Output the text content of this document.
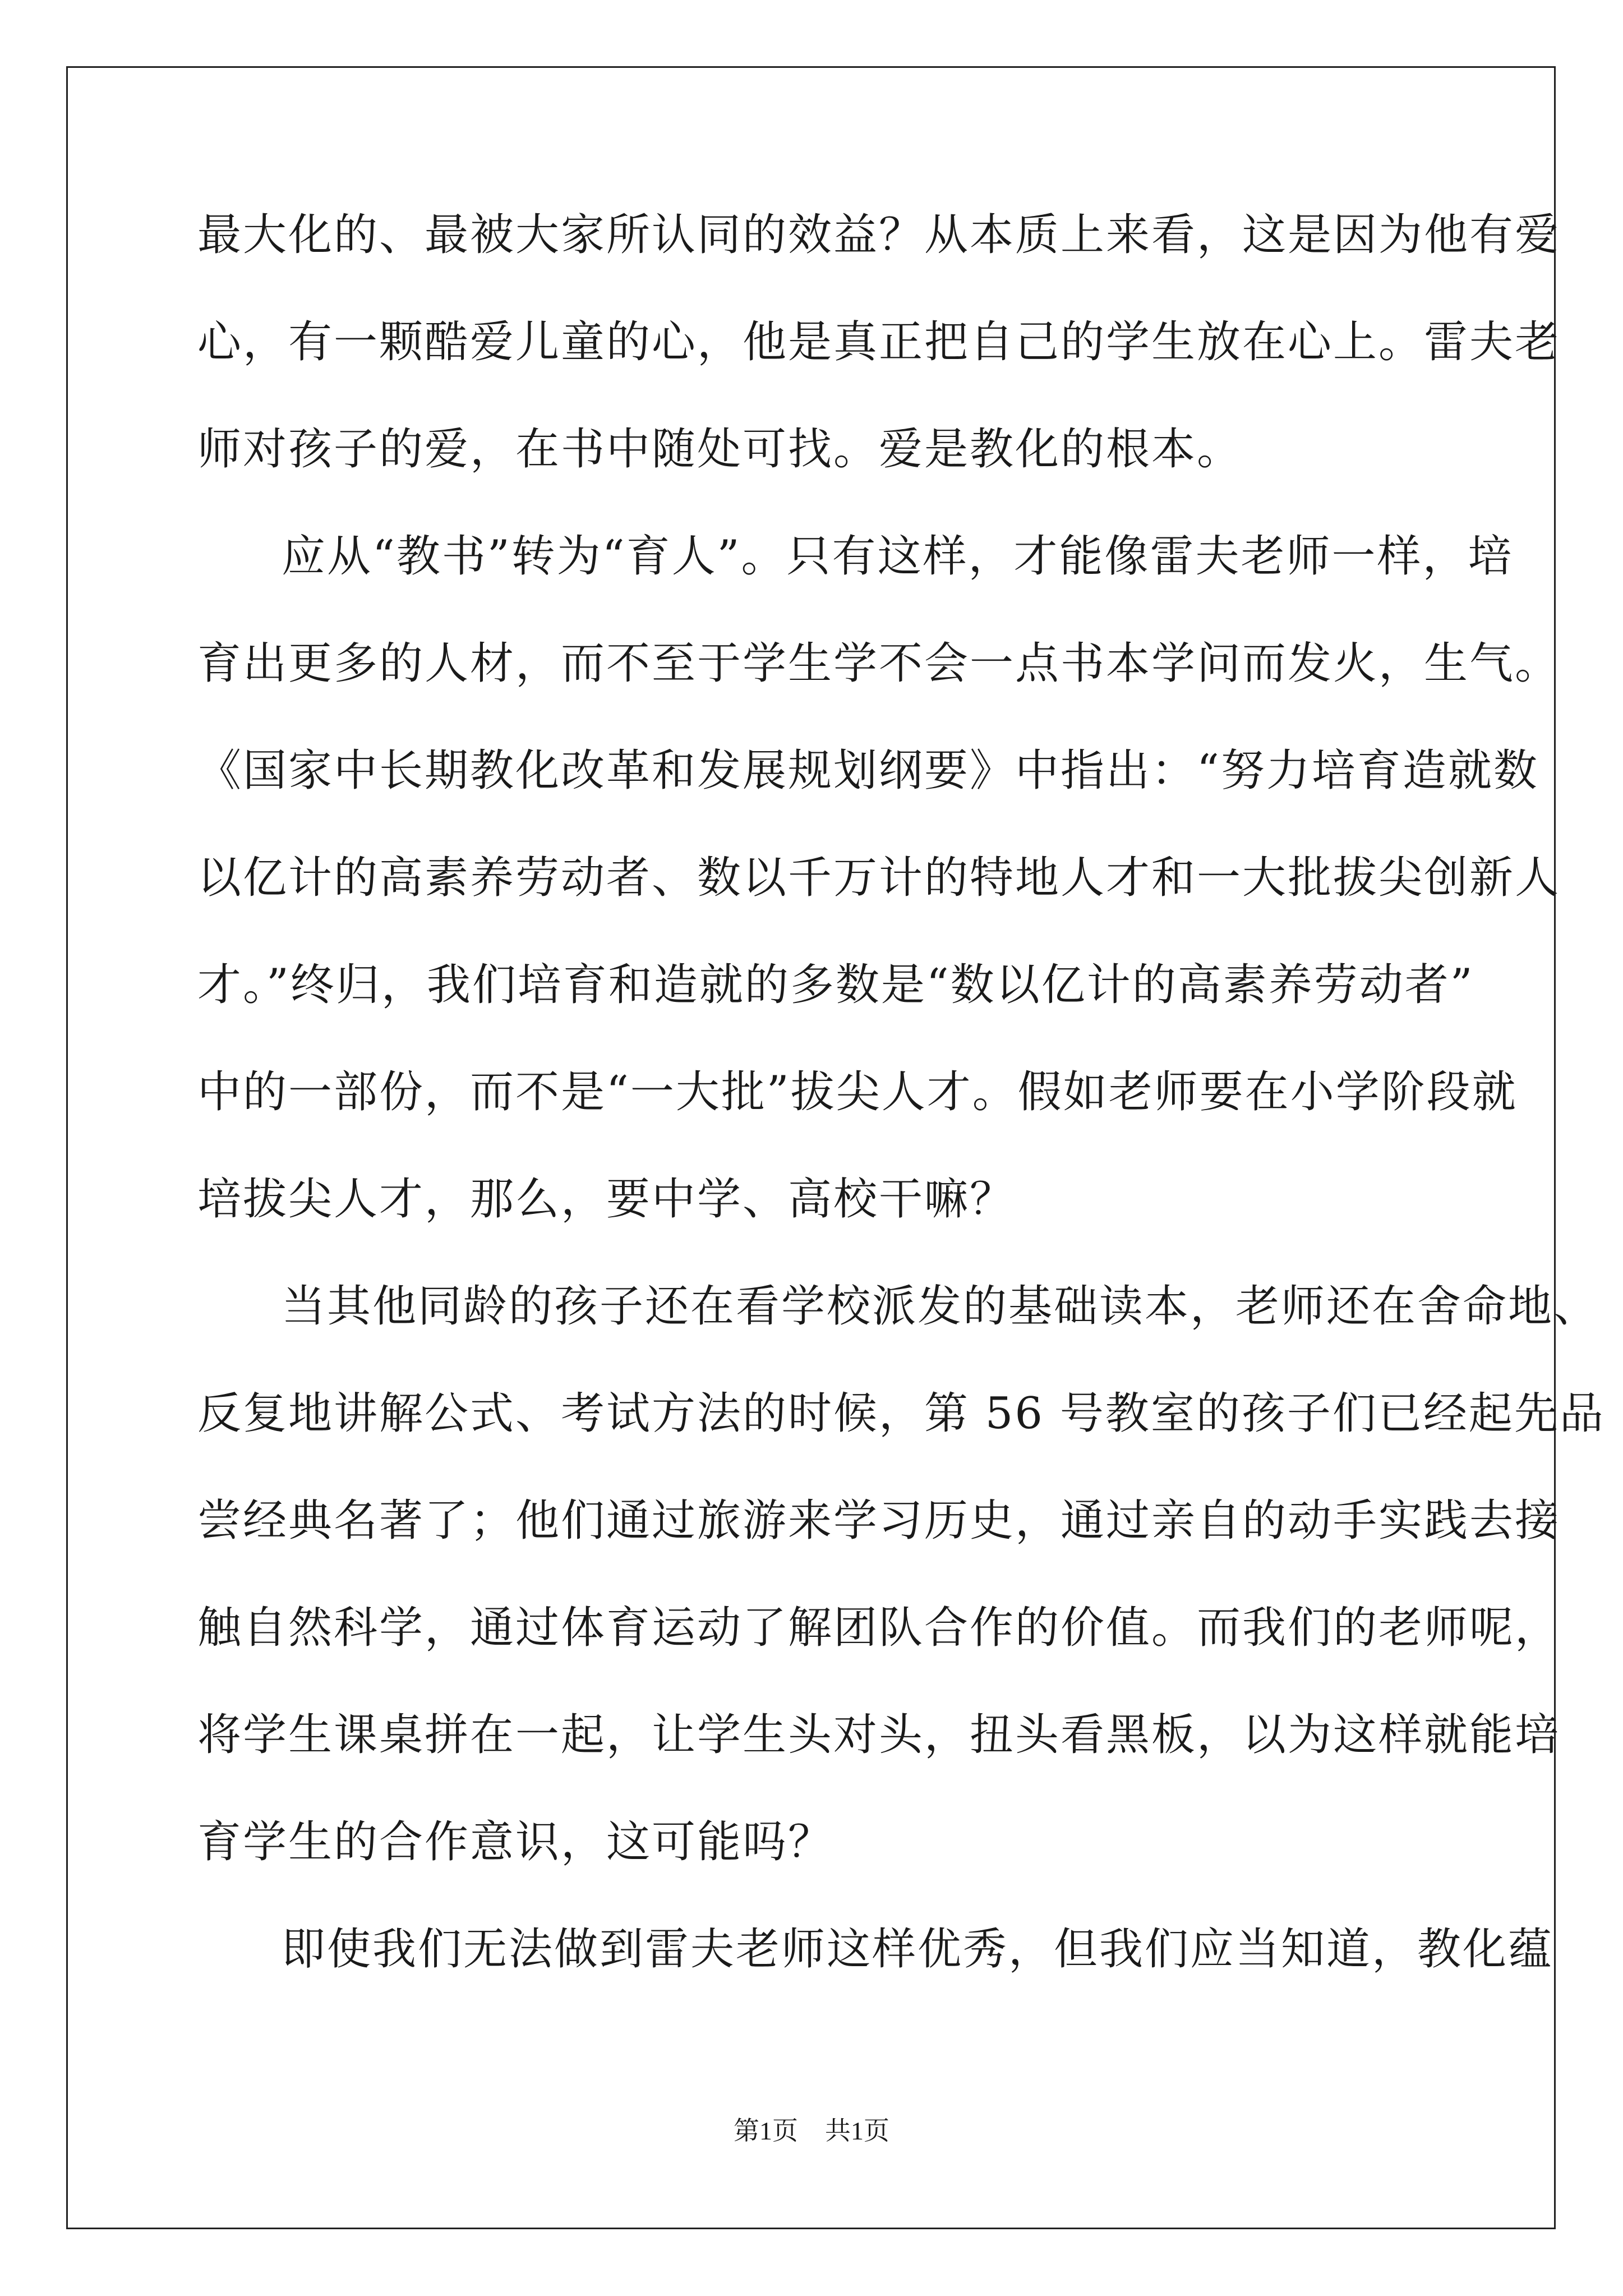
最大化的、最被大家所认同的效益？从本质上来看，这是因为他有爱
心，有一颗酷爱儿童的心，他是真正把自己的学生放在心上。雷夫老
师对孩子的爱，在书中随处可找。爱是教化的根本。
应从“教书”转为“育人”。只有这样，才能像雷夫老师一样，培
育出更多的人材，而不至于学生学不会一点书本学问而发火，生气。
《国家中长期教化改革和发展规划纲要》中指出：“努力培育造就数
以亿计的高素养劳动者、数以千万计的特地人才和一大批拔尖创新人
才。”终归，我们培育和造就的多数是“数以亿计的高素养劳动者”
中的一部份，而不是“一大批”拔尖人才。假如老师要在小学阶段就
培拔尖人才，那么，要中学、高校干嘛？
当其他同龄的孩子还在看学校派发的基础读本，老师还在舍命地、
反复地讲解公式、考试方法的时候，第 56 号教室的孩子们已经起先品
尝经典名著了；他们通过旅游来学习历史，通过亲自的动手实践去接
触自然科学，通过体育运动了解团队合作的价值。而我们的老师呢，
将学生课桌拼在一起，让学生头对头，扭头看黑板，以为这样就能培
育学生的合作意识，这可能吗？
即使我们无法做到雷夫老师这样优秀，但我们应当知道，教化蕴
第1页 共1页
